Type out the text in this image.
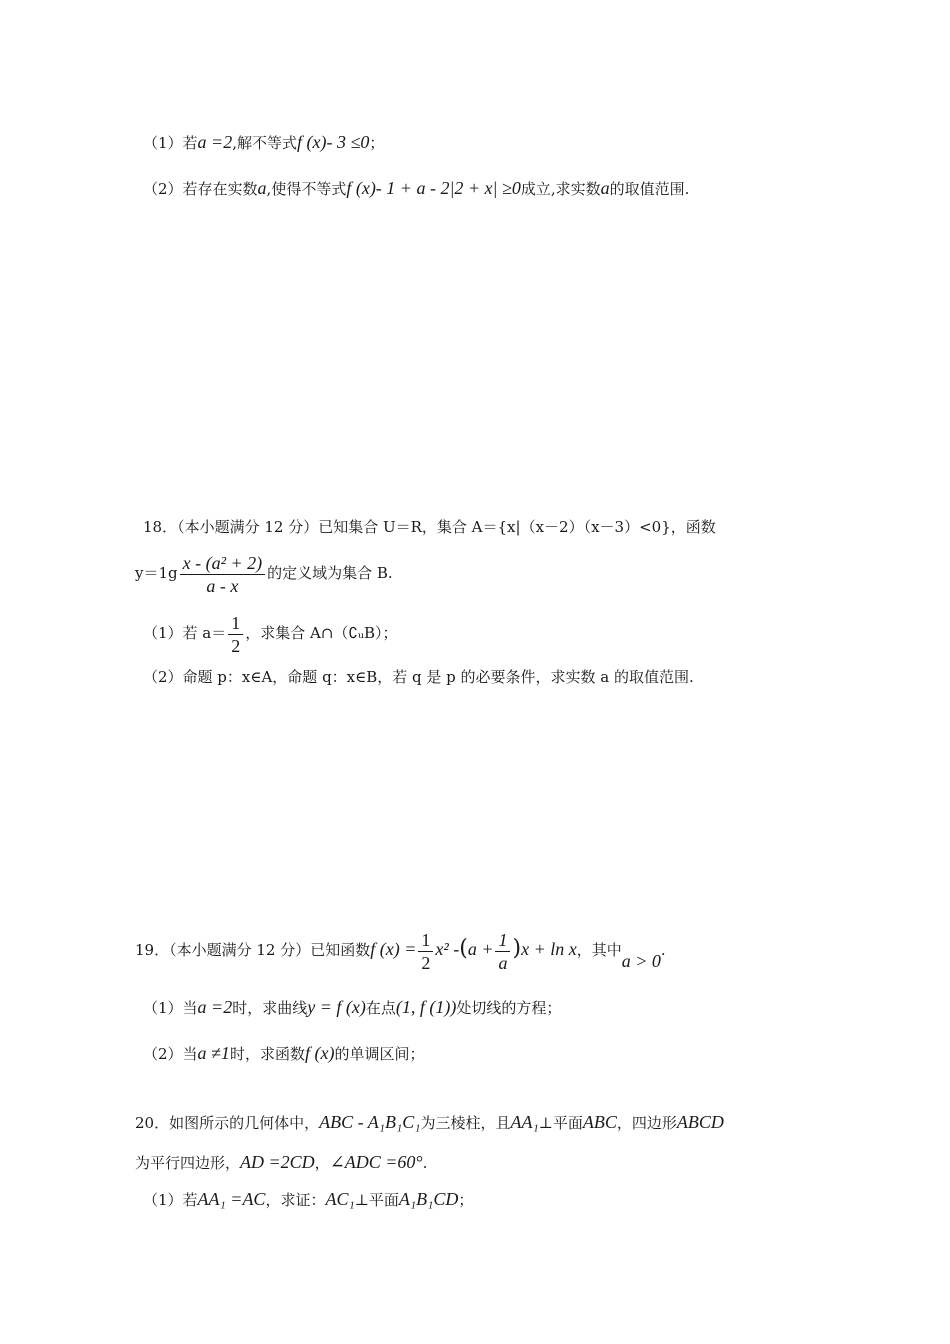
（1）若a =2,解不等式f (x)- 3 ≤0；
（2）若存在实数a,使得不等式f (x)- 1 + a - 2|2 + x| ≥0成立,求实数a的取值范围.
18．（本小题满分 12 分）已知集合 U＝R，集合 A＝{x|（x－2）（x－3）<0}，函数
$y=1g \frac{\text{x - (a² + 2)}}{a - x}$ 的定义域为集合 B.
（1）若 $a= \frac{1}{2}$ ，求集合 A∩（∁ᵤB）；
（2）命题 p：x∈A，命题 q：x∈B，若 q 是 p 的必要条件，求实数 a 的取值范围.
19．（本小题满分 12 分）已知函数f $(x) = \frac{1}{2} x^2$ $-(a + \frac{1}{a} )x + \ln x$，其中a > 0.
（1）当a =2时，求曲线y = f (x)在点(1, f (1))处切线的方程；
（2）当a ≠1时，求函数f (x)的单调区间；
20．如图所示的几何体中，ABC - A₁B₁C₁为三棱柱，且AA₁⊥平面ABC，四边形ABCD
为平行四边形，AD =2CD，∠ADC =60°.
（1）若AA₁ =AC，求证：AC₁⊥平面A₁B₁CD；
